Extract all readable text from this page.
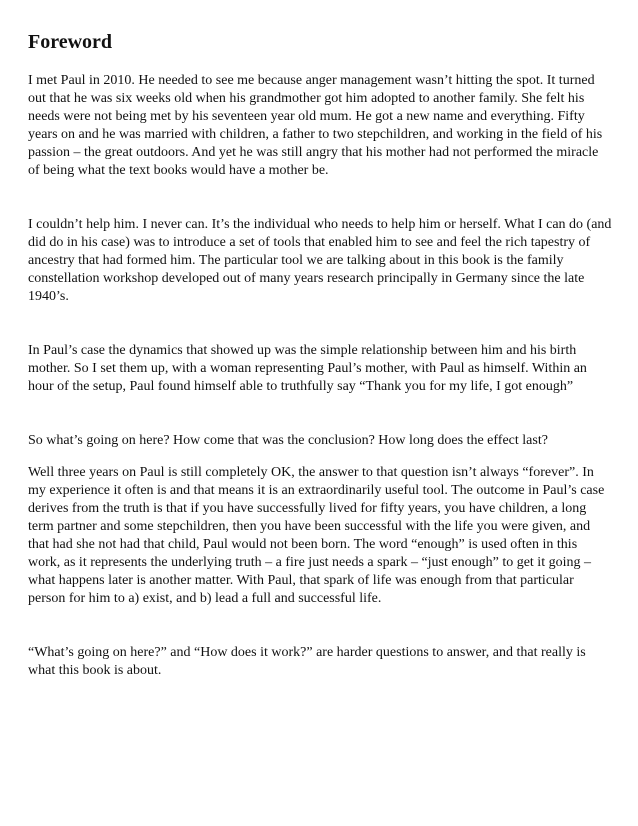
Foreword

I met Paul in 2010. He needed to see me because anger management wasn’t hitting the spot. It turned out that he was six weeks old when his grandmother got him adopted to another family. She felt his needs were not being met by his seventeen year old mum. He got a new name and everything. Fifty years on and he was married with children, a father to two stepchildren, and working in the field of his passion – the great outdoors. And yet he was still angry that his mother had not performed the miracle of being what the text books would have a mother be.

I couldn’t help him. I never can. It’s the individual who needs to help him or herself. What I can do (and did do in his case) was to introduce a set of tools that enabled him to see and feel the rich tapestry of ancestry that had formed him. The particular tool we are talking about in this book is the family constellation workshop developed out of many years research principally in Germany since the late 1940’s.

In Paul’s case the dynamics that showed up was the simple relationship between him and his birth mother. So I set them up, with a woman representing Paul’s mother, with Paul as himself. Within an hour of the setup, Paul found himself able to truthfully say “Thank you for my life, I got enough”

So what’s going on here? How come that was the conclusion? How long does the effect last?

Well three years on Paul is still completely OK, the answer to that question isn’t always “forever”. In my experience it often is and that means it is an extraordinarily useful tool. The outcome in Paul’s case derives from the truth is that if you have successfully lived for fifty years, you have children, a long term partner and some stepchildren, then you have been successful with the life you were given, and that had she not had that child, Paul would not been born. The word “enough” is used often in this work, as it represents the underlying truth – a fire just needs a spark – “just enough” to get it going – what happens later is another matter. With Paul, that spark of life was enough from that particular person for him to a) exist, and b) lead a full and successful life.

“What’s going on here?” and “How does it work?” are harder questions to answer, and that really is what this book is about.
